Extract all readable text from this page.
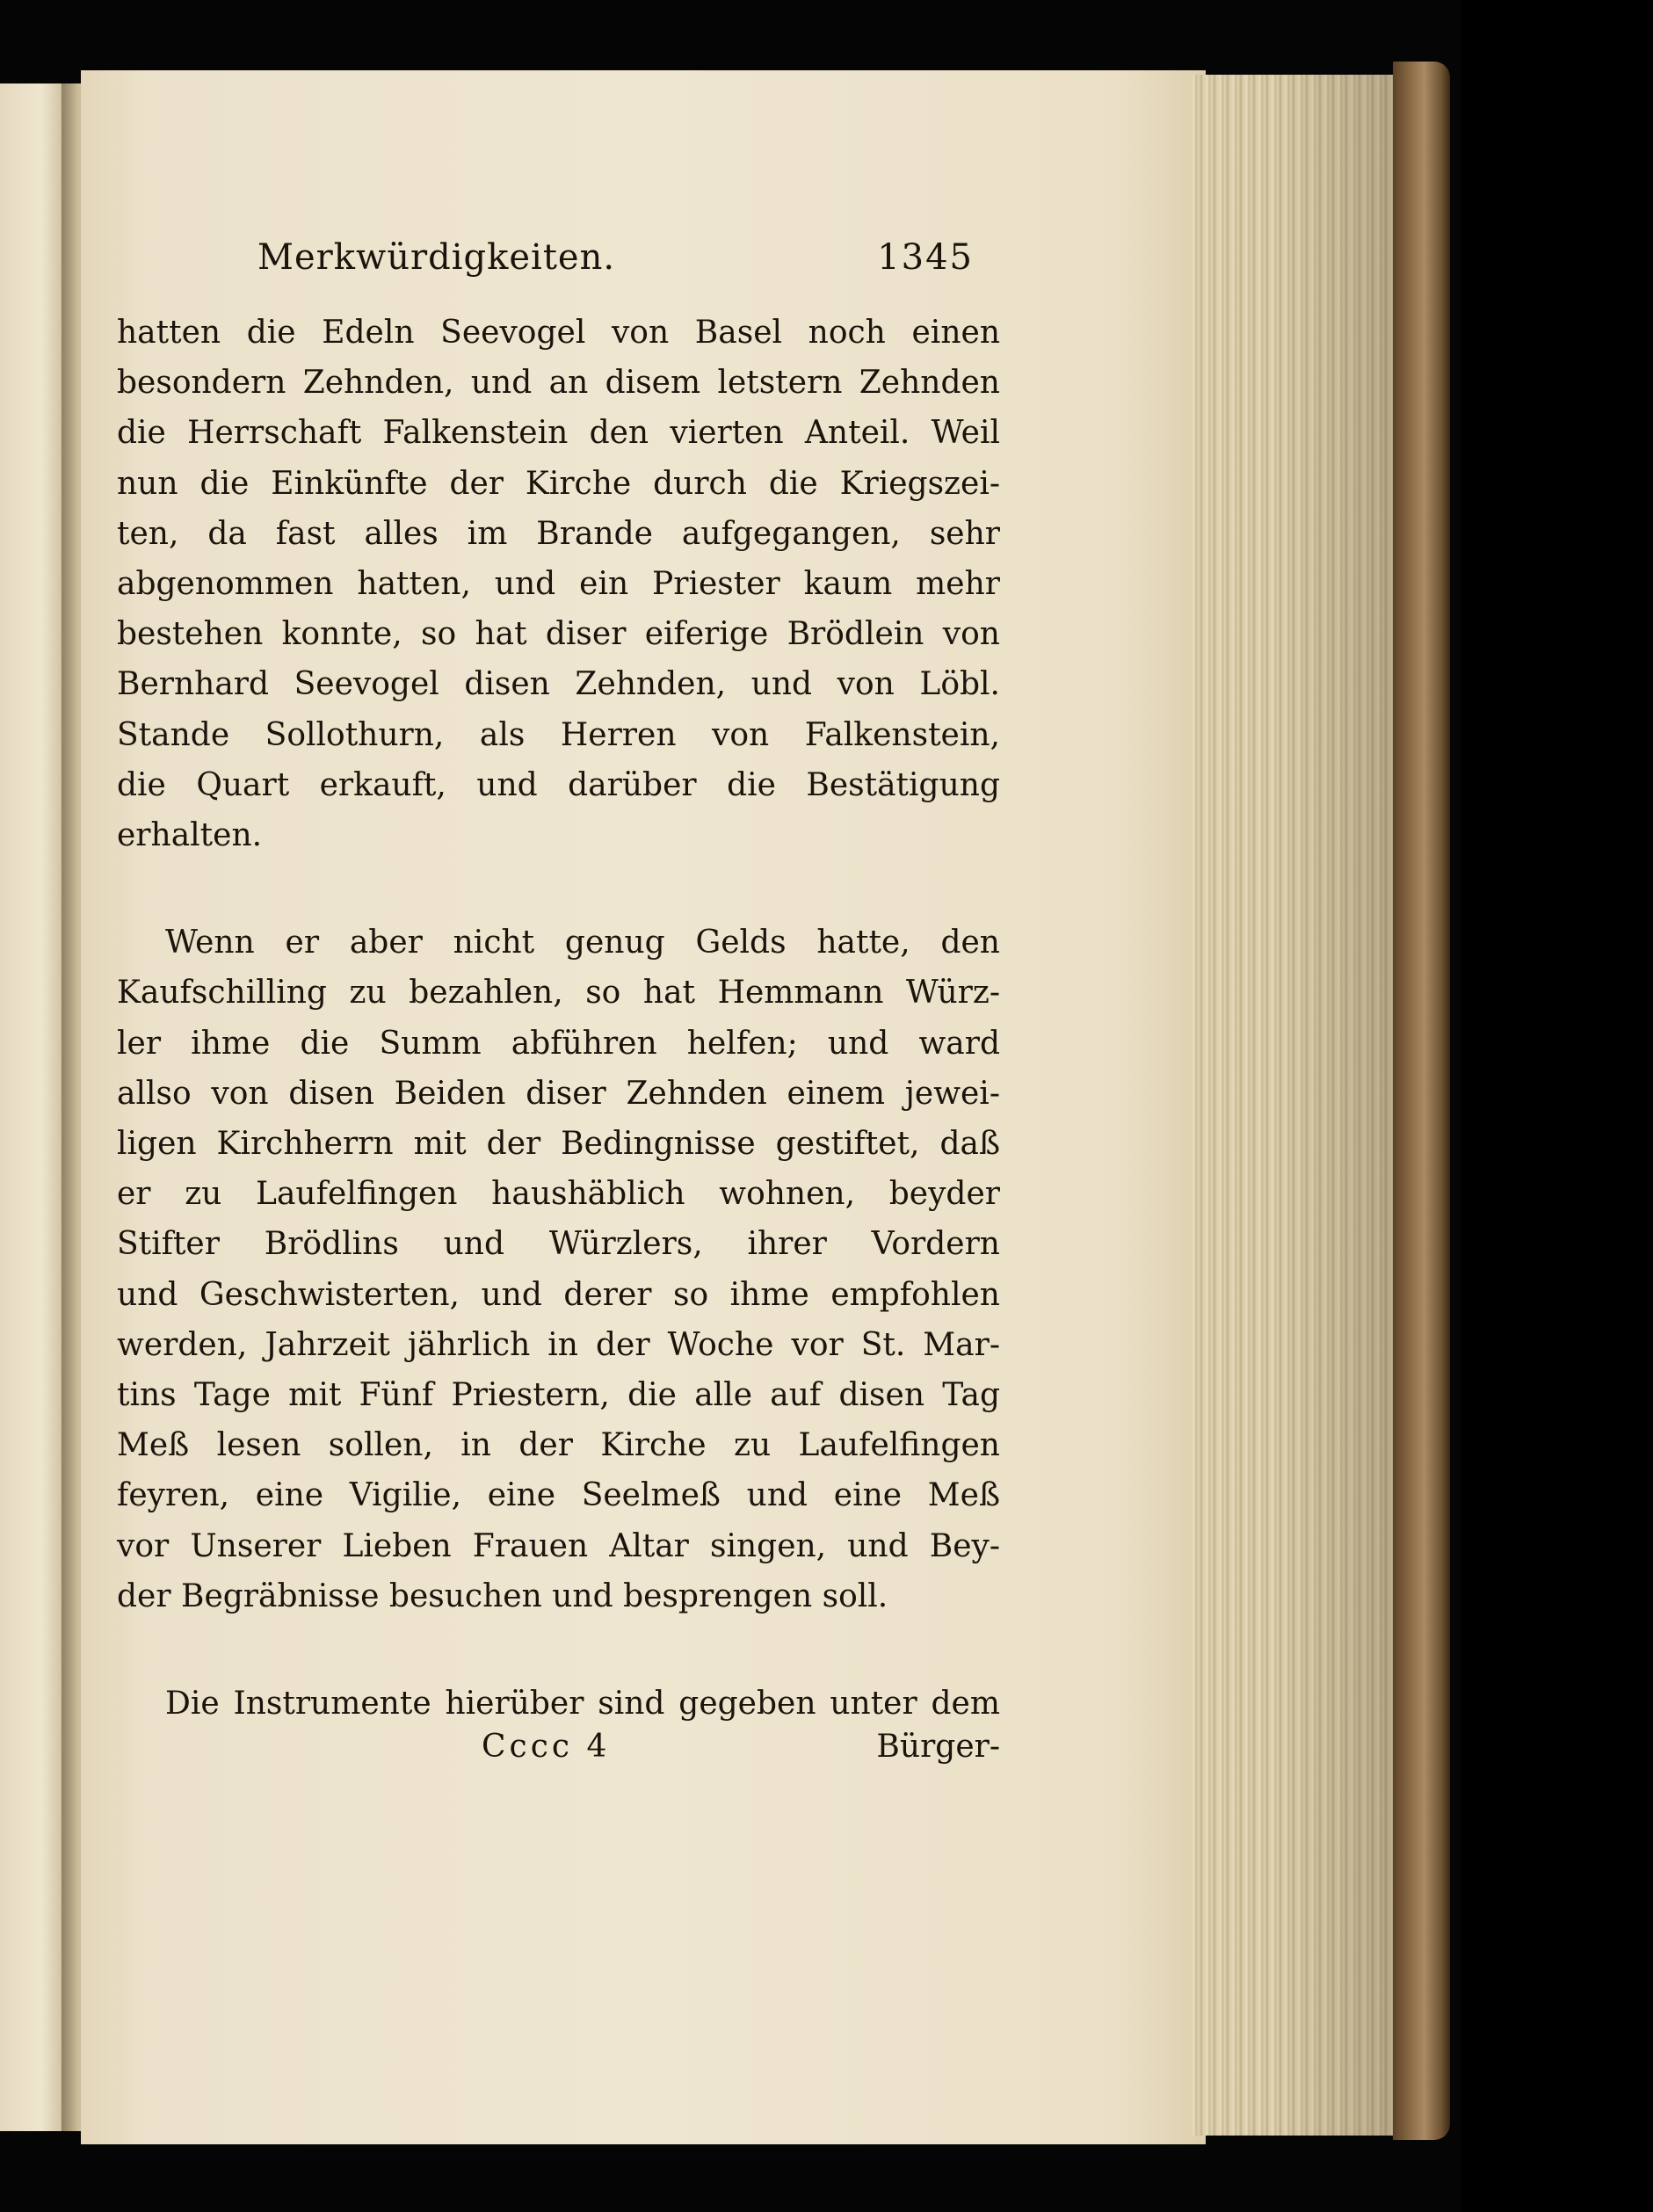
Merkwürdigkeiten.	1345
hatten die Edeln Seevogel von Basel noch einen
besondern Zehnden, und an disem letstern Zehnden
die Herrschaft Falkenstein den vierten Anteil. Weil
nun die Einkünfte der Kirche durch die Kriegszei-
ten, da fast alles im Brande aufgegangen, sehr
abgenommen hatten, und ein Priester kaum mehr
bestehen konnte, so hat diser eiferige Brödlein von
Bernhard Seevogel disen Zehnden, und von Löbl.
Stande Sollothurn, als Herren von Falkenstein,
die Quart erkauft, und darüber die Bestätigung
erhalten.
Wenn er aber nicht genug Gelds hatte, den
Kaufschilling zu bezahlen, so hat Hemmann Würz-
ler ihme die Summ abführen helfen; und ward
allso von disen Beiden diser Zehnden einem jewei-
ligen Kirchherrn mit der Bedingnisse gestiftet, daß
er zu Laufelfingen haushäblich wohnen, beyder
Stifter Brödlins und Würzlers, ihrer Vordern
und Geschwisterten, und derer so ihme empfohlen
werden, Jahrzeit jährlich in der Woche vor St. Mar-
tins Tage mit Fünf Priestern, die alle auf disen Tag
Meß lesen sollen, in der Kirche zu Laufelfingen
feyren, eine Vigilie, eine Seelmeß und eine Meß
vor Unserer Lieben Frauen Altar singen, und Bey-
der Begräbnisse besuchen und besprengen soll.
Die Instrumente hierüber sind gegeben unter dem
Cccc 4	Bürger-
